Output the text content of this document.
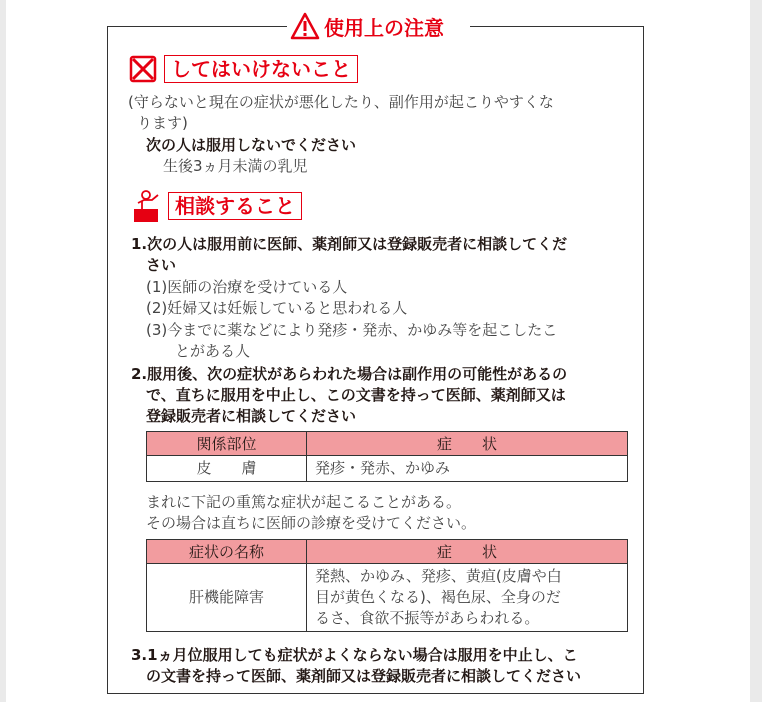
使用上の注意
してはいけないこと
(守らないと現在の症状が悪化したり、副作用が起こりやすくな
ります)
次の人は服用しないでください
生後3ヵ月未満の乳児
相談すること
1.次の人は服用前に医師、薬剤師又は登録販売者に相談してくだ
さい
(1)医師の治療を受けている人
(2)妊婦又は妊娠していると思われる人
(3)今までに薬などにより発疹・発赤、かゆみ等を起こしたこ
とがある人
2.服用後、次の症状があらわれた場合は副作用の可能性があるの
で、直ちに服用を中止し、この文書を持って医師、薬剤師又は
登録販売者に相談してください
関係部位	症　　状
皮　　膚	発疹・発赤、かゆみ
まれに下記の重篤な症状が起こることがある。
その場合は直ちに医師の診療を受けてください。
症状の名称	症　　状
肝機能障害	発熱、かゆみ、発疹、黄疸(皮膚や白
目が黄色くなる)、褐色尿、全身のだ
るさ、食欲不振等があらわれる。
3.1ヵ月位服用しても症状がよくならない場合は服用を中止し、こ
の文書を持って医師、薬剤師又は登録販売者に相談してください
